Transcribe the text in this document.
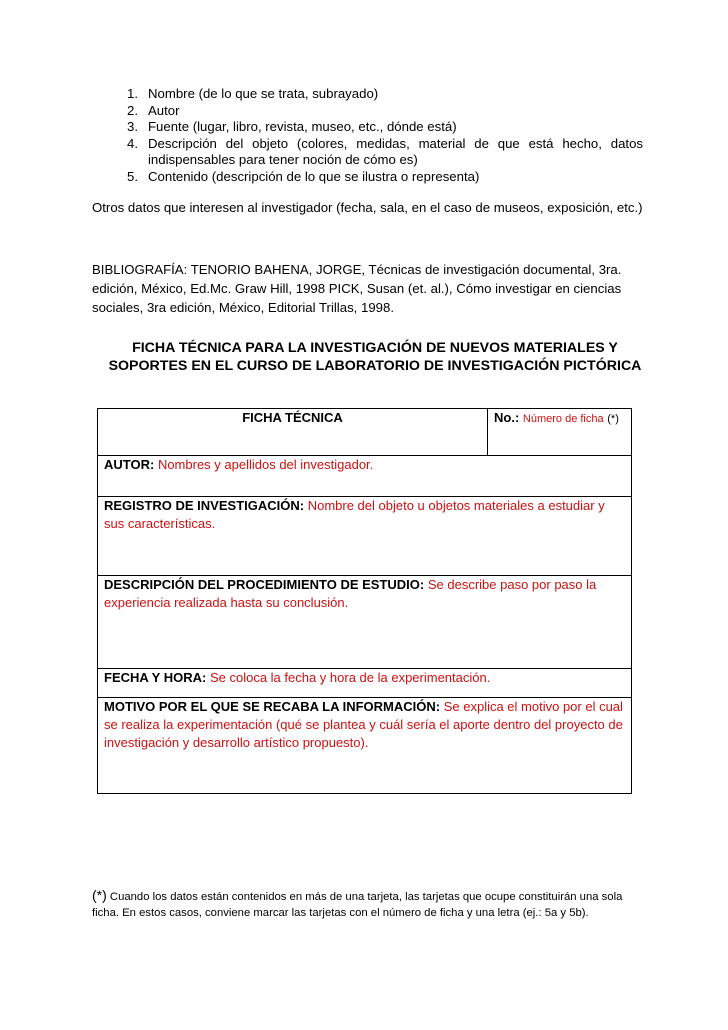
1. Nombre (de lo que se trata, subrayado)
2. Autor
3. Fuente (lugar, libro, revista, museo, etc., dónde está)
4. Descripción del objeto (colores, medidas, material de que está hecho, datos indispensables para tener noción de cómo es)
5. Contenido (descripción de lo que se ilustra o representa)

Otros datos que interesen al investigador (fecha, sala, en el caso de museos, exposición, etc.)

BIBLIOGRAFÍA: TENORIO BAHENA, JORGE, Técnicas de investigación documental, 3ra. edición, México, Ed.Mc. Graw Hill, 1998 PICK, Susan (et. al.), Cómo investigar en ciencias sociales, 3ra edición, México, Editorial Trillas, 1998.

FICHA TÉCNICA PARA LA INVESTIGACIÓN DE NUEVOS MATERIALES Y SOPORTES EN EL CURSO DE LABORATORIO DE INVESTIGACIÓN PICTÓRICA
FICHA TÉCNICA	No.: Número de ficha (*)
AUTOR: Nombres y apellidos del investigador.
REGISTRO DE INVESTIGACIÓN: Nombre del objeto u objetos materiales a estudiar y sus características.
DESCRIPCIÓN DEL PROCEDIMIENTO DE ESTUDIO: Se describe paso por paso la experiencia realizada hasta su conclusión.
FECHA Y HORA: Se coloca la fecha y hora de la experimentación.
MOTIVO POR EL QUE SE RECABA LA INFORMACIÓN: Se explica el motivo por el cual se realiza la experimentación (qué se plantea y cuál sería el aporte dentro del proyecto de investigación y desarrollo artístico propuesto).

(*) Cuando los datos están contenidos en más de una tarjeta, las tarjetas que ocupe constituirán una sola ficha. En estos casos, conviene marcar las tarjetas con el número de ficha y una letra (ej.: 5a y 5b).
